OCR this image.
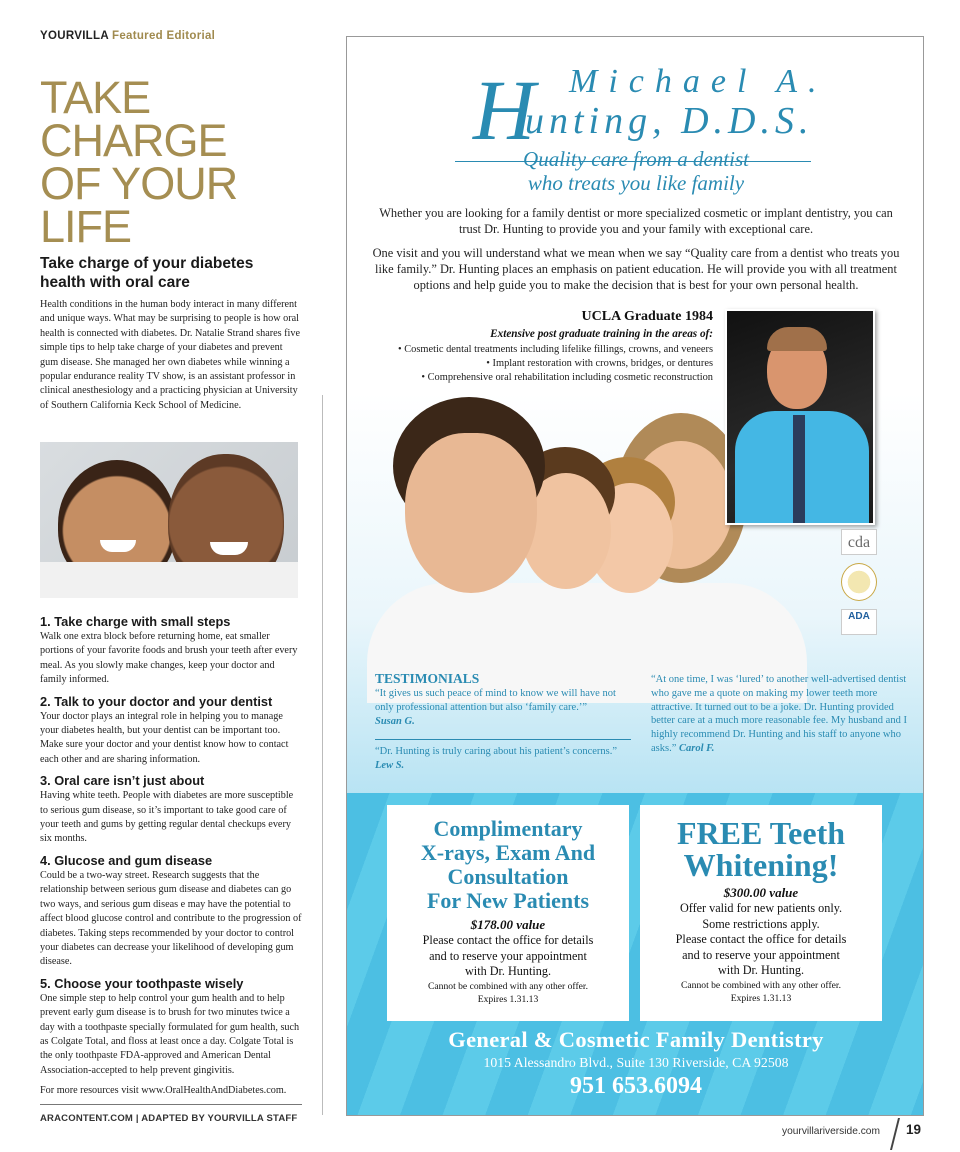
YOURVILLA Featured Editorial
TAKE
CHARGE
OF YOUR
LIFE
Take charge of your diabetes health with oral care

Health conditions in the human body interact in many different and unique ways. What may be surprising to people is how oral health is connected with diabetes. Dr. Natalie Strand shares five simple tips to help take charge of your diabetes and prevent gum disease. She managed her own diabetes while winning a popular endurance reality TV show, is an assistant professor in clinical anesthesiology and a practicing physician at University of Southern California Keck School of Medicine.

1. Take charge with small steps

Walk one extra block before returning home, eat smaller portions of your favorite foods and brush your teeth after every meal. As you slowly make changes, keep your doctor and family informed.

2. Talk to your doctor and your dentist

Your doctor plays an integral role in helping you to manage your diabetes health, but your dentist can be important too. Make sure your doctor and your dentist know how to contact each other and are sharing information.

3. Oral care isn’t just about

Having white teeth. People with diabetes are more susceptible to serious gum disease, so it’s important to take good care of your teeth and gums by getting regular dental checkups every six months.

4. Glucose and gum disease

Could be a two-way street. Research suggests that the relationship between serious gum disease and diabetes can go two ways, and serious gum diseas e may have the potential to affect blood glucose control and contribute to the progression of diabetes. Taking steps recommended by your doctor to control your diabetes can decrease your likelihood of developing gum disease.

5. Choose your toothpaste wisely

One simple step to help control your gum health and to help prevent early gum disease is to brush for two minutes twice a day with a toothpaste specially formulated for gum health, such as Colgate Total, and floss at least once a day. Colgate Total is the only toothpaste FDA-approved and American Dental Association-accepted to help prevent gingivitis.

For more resources visit www.OralHealthAndDiabetes.com.

ARACONTENT.COM | ADAPTED BY YOURVILLA STAFF

Michael A.
H
unting, D.D.S.
Quality care from a dentist
who treats you like family

Whether you are looking for a family dentist or more specialized cosmetic or implant dentistry, you can trust Dr. Hunting to provide you and your family with exceptional care.

One visit and you will understand what we mean when we say “Quality care from a dentist who treats you like family.” Dr. Hunting places an emphasis on patient education. He will provide you with all treatment options and help guide you to make the decision that is best for your own personal health.

UCLA Graduate 1984
Extensive post graduate training in the areas of:
• Cosmetic dental treatments including lifelike fillings, crowns, and veneers
• Implant restoration with crowns, bridges, or dentures
• Comprehensive oral rehabilitation including cosmetic reconstruction
cda
ADA
TESTIMONIALS
“It gives us such peace of mind to know we will have not only professional attention but also ‘family care.’”
Susan G.
“Dr. Hunting is truly caring about his patient’s concerns.” Lew S.
“At one time, I was ‘lured’ to another well-advertised dentist who gave me a quote on making my lower teeth more attractive. It turned out to be a joke. Dr. Hunting provided better care at a much more reasonable fee. My husband and I highly recommend Dr. Hunting and his staff to anyone who asks.” Carol F.
Complimentary
X-rays, Exam And
Consultation
For New Patients
$178.00 value
Please contact the office for details
and to reserve your appointment
with Dr. Hunting.
Cannot be combined with any other offer.
Expires 1.31.13
FREE Teeth
Whitening!
$300.00 value
Offer valid for new patients only.
Some restrictions apply.
Please contact the office for details
and to reserve your appointment
with Dr. Hunting.
Cannot be combined with any other offer.
Expires 1.31.13
General & Cosmetic Family Dentistry
1015 Alessandro Blvd., Suite 130 Riverside, CA 92508
951 653.6094
yourvillariverside.com 19
